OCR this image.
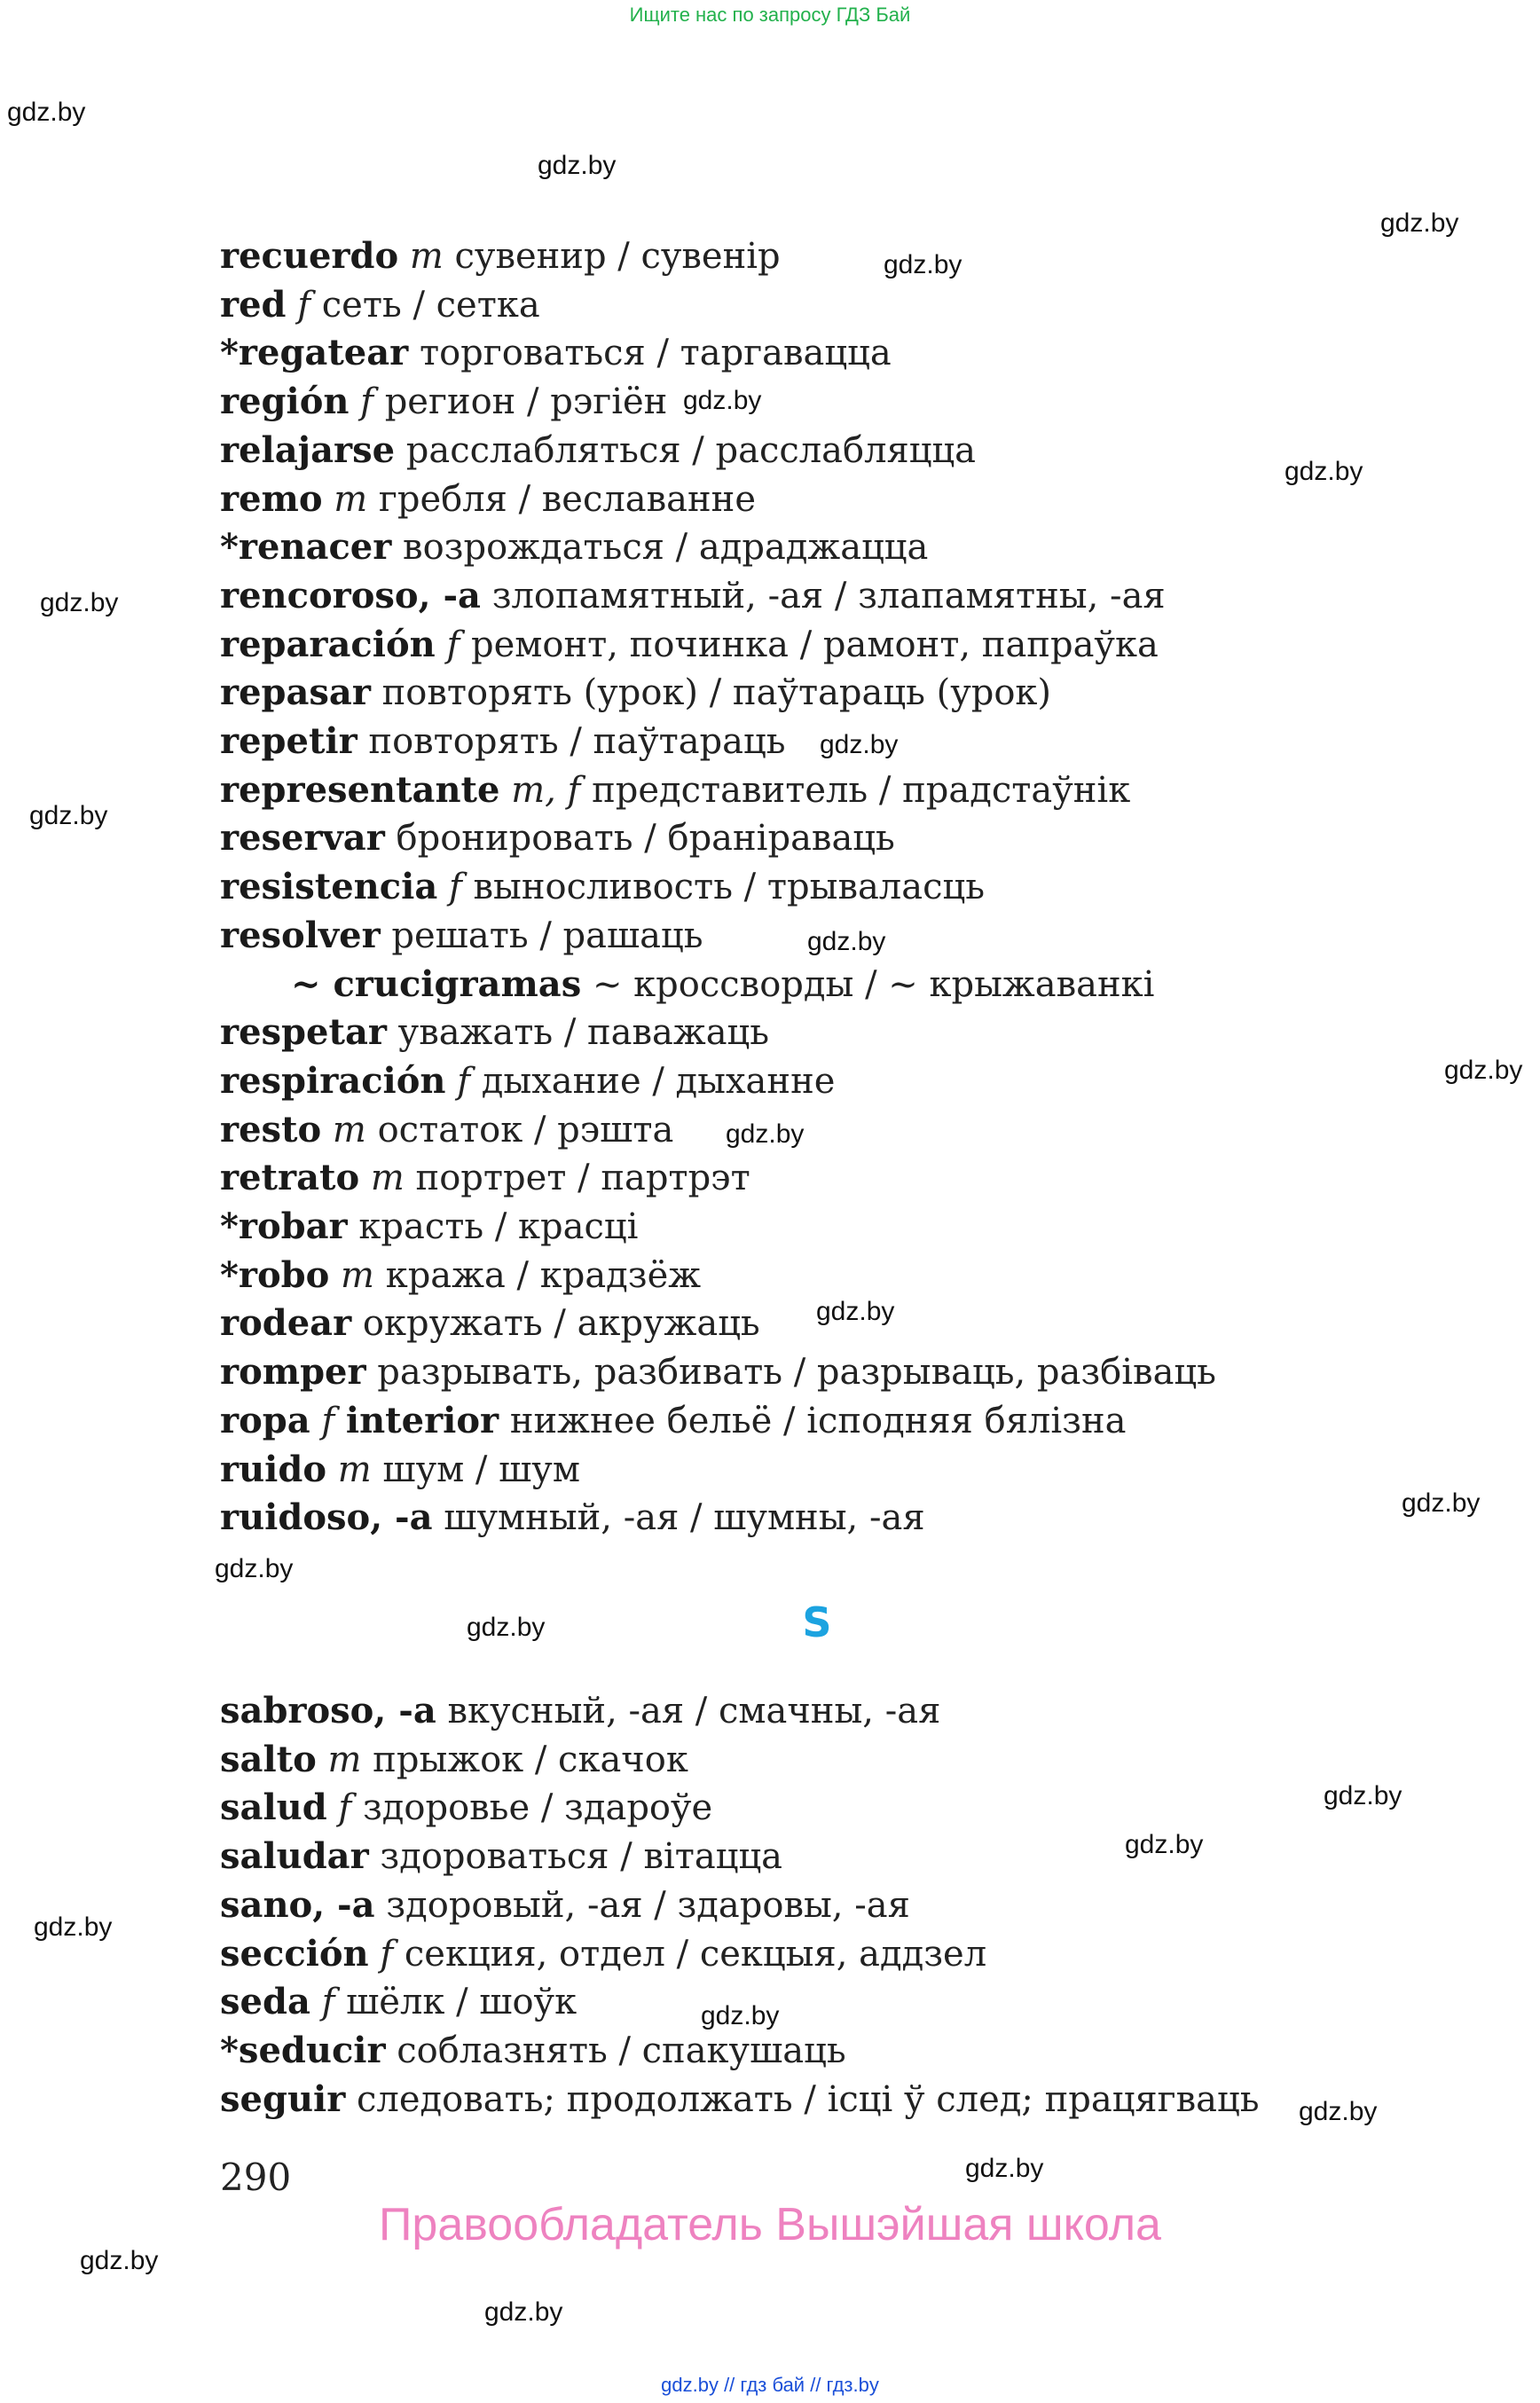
Ищите нас по запросу ГДЗ Бай
gdz.by
gdz.by
gdz.by
gdz.by
gdz.by
gdz.by
gdz.by
gdz.by
gdz.by
gdz.by
gdz.by
gdz.by
gdz.by
gdz.by
gdz.by
gdz.by
gdz.by
gdz.by
gdz.by
gdz.by
gdz.by
gdz.by
gdz.by
gdz.by
recuerdo m сувенир / сувенір
red f сеть / сетка
*regatear торговаться / таргавацца
región f регион / рэгіён
relajarse расслабляться / расслабляцца
remo m гребля / веславанне
*renacer возрождаться / адраджацца
rencoroso, -a злопамятный, -ая / злапамятны, -ая
reparación f ремонт, починка / рамонт, папраўка
repasar повторять (урок) / паўтараць (урок)
repetir повторять / паўтараць
representante m, f представитель / прадстаўнік
reservar бронировать / браніраваць
resistencia f выносливость / трываласць
resolver решать / рашаць
~ crucigramas ~ кроссворды / ~ крыжаванкі
respetar уважать / паважаць
respiración f дыхание / дыханне
resto m остаток / рэшта
retrato m портрет / партрэт
*robar красть / красці
*robo m кража / крадзёж
rodear окружать / акружаць
romper разрывать, разбивать / разрываць, разбіваць
ropa f interior нижнее бельё / ісподняя бялізна
ruido m шум / шум
ruidoso, -a шумный, -ая / шумны, -ая
S
sabroso, -a вкусный, -ая / смачны, -ая
salto m прыжок / скачок
salud f здоровье / здароўе
saludar здороваться / вітацца
sano, -a здоровый, -ая / здаровы, -ая
sección f секция, отдел / секцыя, аддзел
seda f шёлк / шоўк
*seducir соблазнять / спакушаць
seguir следовать; продолжать / ісці ў след; працягваць
290
Правообладатель Вышэйшая школа
gdz.by // гдз бай // гдз.by
